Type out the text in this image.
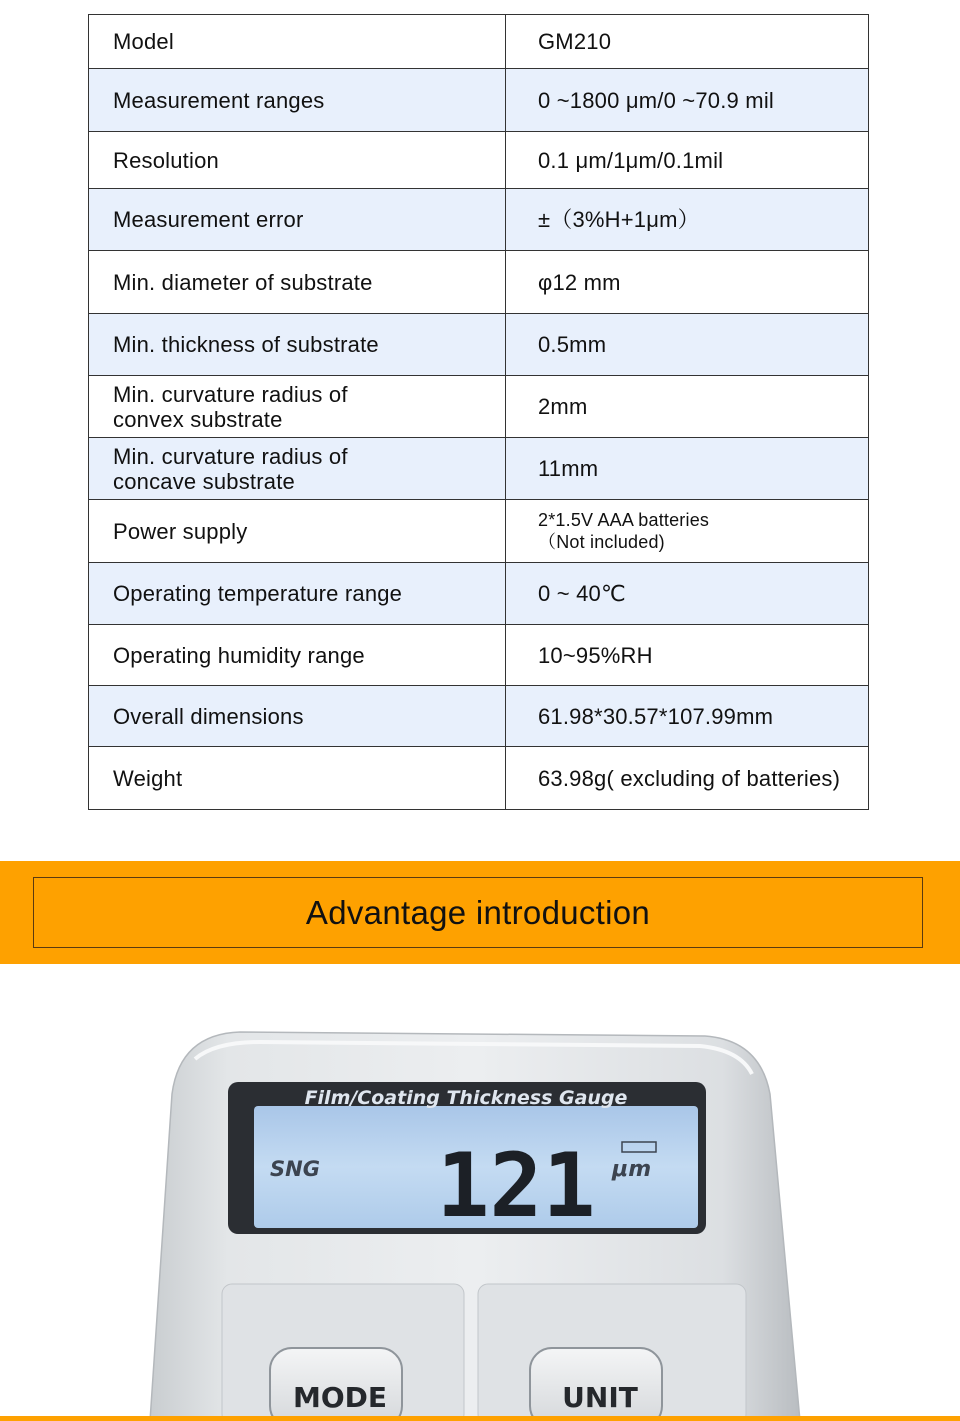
Model	GM210
Measurement ranges	0 ~1800 μm/0 ~70.9 mil
Resolution	0.1 μm/1μm/0.1mil
Measurement error	±（3%H+1μm）
Min. diameter of substrate	φ12 mm
Min. thickness of substrate	0.5mm
Min. curvature radius of
convex substrate	2mm
Min. curvature radius of
concave substrate	11mm
Power supply	2*1.5V AAA batteries
（Not included)
Operating temperature range	0 ~ 40℃
Operating humidity range	10~95%RH
Overall dimensions	61.98*30.57*107.99mm
Weight	63.98g( excluding of batteries)
Advantage introduction
Film/Coating Thickness Gauge
SNG 121 μm
MODE	UNIT
